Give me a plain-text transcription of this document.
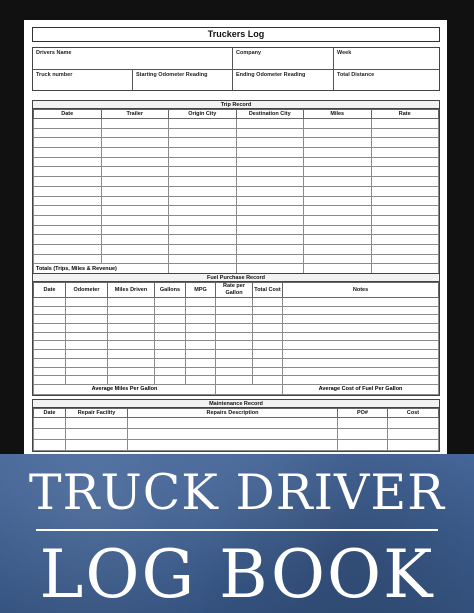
Truckers Log
Drivers Name	Company	Week
Truck number	Starting Odometer Reading	Ending Odometer Reading	Total Distance
Trip Record
Date	Trailer	Origin City	Destination City	Miles	Rate

Totals (Trips, Miles & Revenue)					
Fuel Purchase Record
Date	Odometer	Miles Driven	Gallons	MPG	Rate per Gallon	Total Cost	Notes

Average Miles Per Gallon							Average Cost of Fuel Per Gallon
Maintenance Record
Date	Repair Facility	Repairs Description	PO#	Cost

TRUCK DRIVER
LOG BOOK
